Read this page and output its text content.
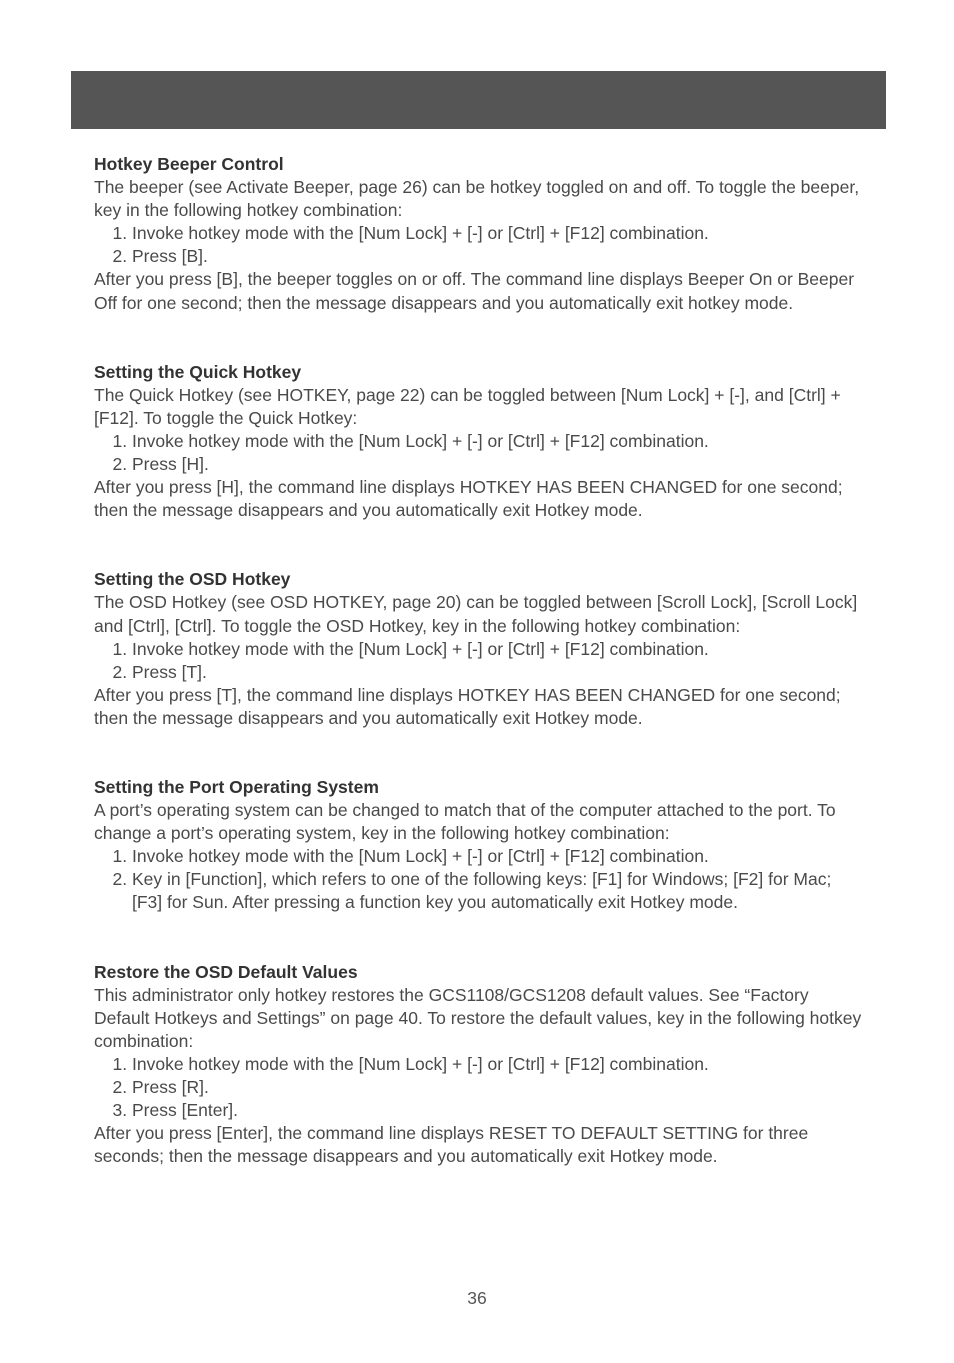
Hotkey Beeper Control

The beeper (see Activate Beeper, page 26) can be hotkey toggled on and off. To toggle the beeper, key in the following hotkey combination:

1. Invoke hotkey mode with the [Num Lock] + [-] or [Ctrl] + [F12] combination.
2. Press [B].

After you press [B], the beeper toggles on or off. The command line displays Beeper On or Beeper Off for one second; then the message disappears and you automatically exit hotkey mode.

Setting the Quick Hotkey

The Quick Hotkey (see HOTKEY, page 22) can be toggled between [Num Lock] + [-], and [Ctrl] + [F12]. To toggle the Quick Hotkey:

1. Invoke hotkey mode with the [Num Lock] + [-] or [Ctrl] + [F12] combination.
2. Press [H].

After you press [H], the command line displays HOTKEY HAS BEEN CHANGED for one second; then the message disappears and you automatically exit Hotkey mode.

Setting the OSD Hotkey

The OSD Hotkey (see OSD HOTKEY, page 20) can be toggled between [Scroll Lock], [Scroll Lock] and [Ctrl], [Ctrl]. To toggle the OSD Hotkey, key in the following hotkey combination:

1. Invoke hotkey mode with the [Num Lock] + [-] or [Ctrl] + [F12] combination.
2. Press [T].

After you press [T], the command line displays HOTKEY HAS BEEN CHANGED for one second; then the message disappears and you automatically exit Hotkey mode.

Setting the Port Operating System

A port’s operating system can be changed to match that of the computer attached to the port. To change a port’s operating system, key in the following hotkey combination:

1. Invoke hotkey mode with the [Num Lock] + [-] or [Ctrl] + [F12] combination.
2. Key in [Function], which refers to one of the following keys: [F1] for Windows; [F2] for Mac; [F3] for Sun. After pressing a function key you automatically exit Hotkey mode.
Restore the OSD Default Values

This administrator only hotkey restores the GCS1108/GCS1208 default values. See “Factory Default Hotkeys and Settings” on page 40. To restore the default values, key in the following hotkey combination:

1. Invoke hotkey mode with the [Num Lock] + [-] or [Ctrl] + [F12] combination.
2. Press [R].
3. Press [Enter].

After you press [Enter], the command line displays RESET TO DEFAULT SETTING for three seconds; then the message disappears and you automatically exit Hotkey mode.

36
